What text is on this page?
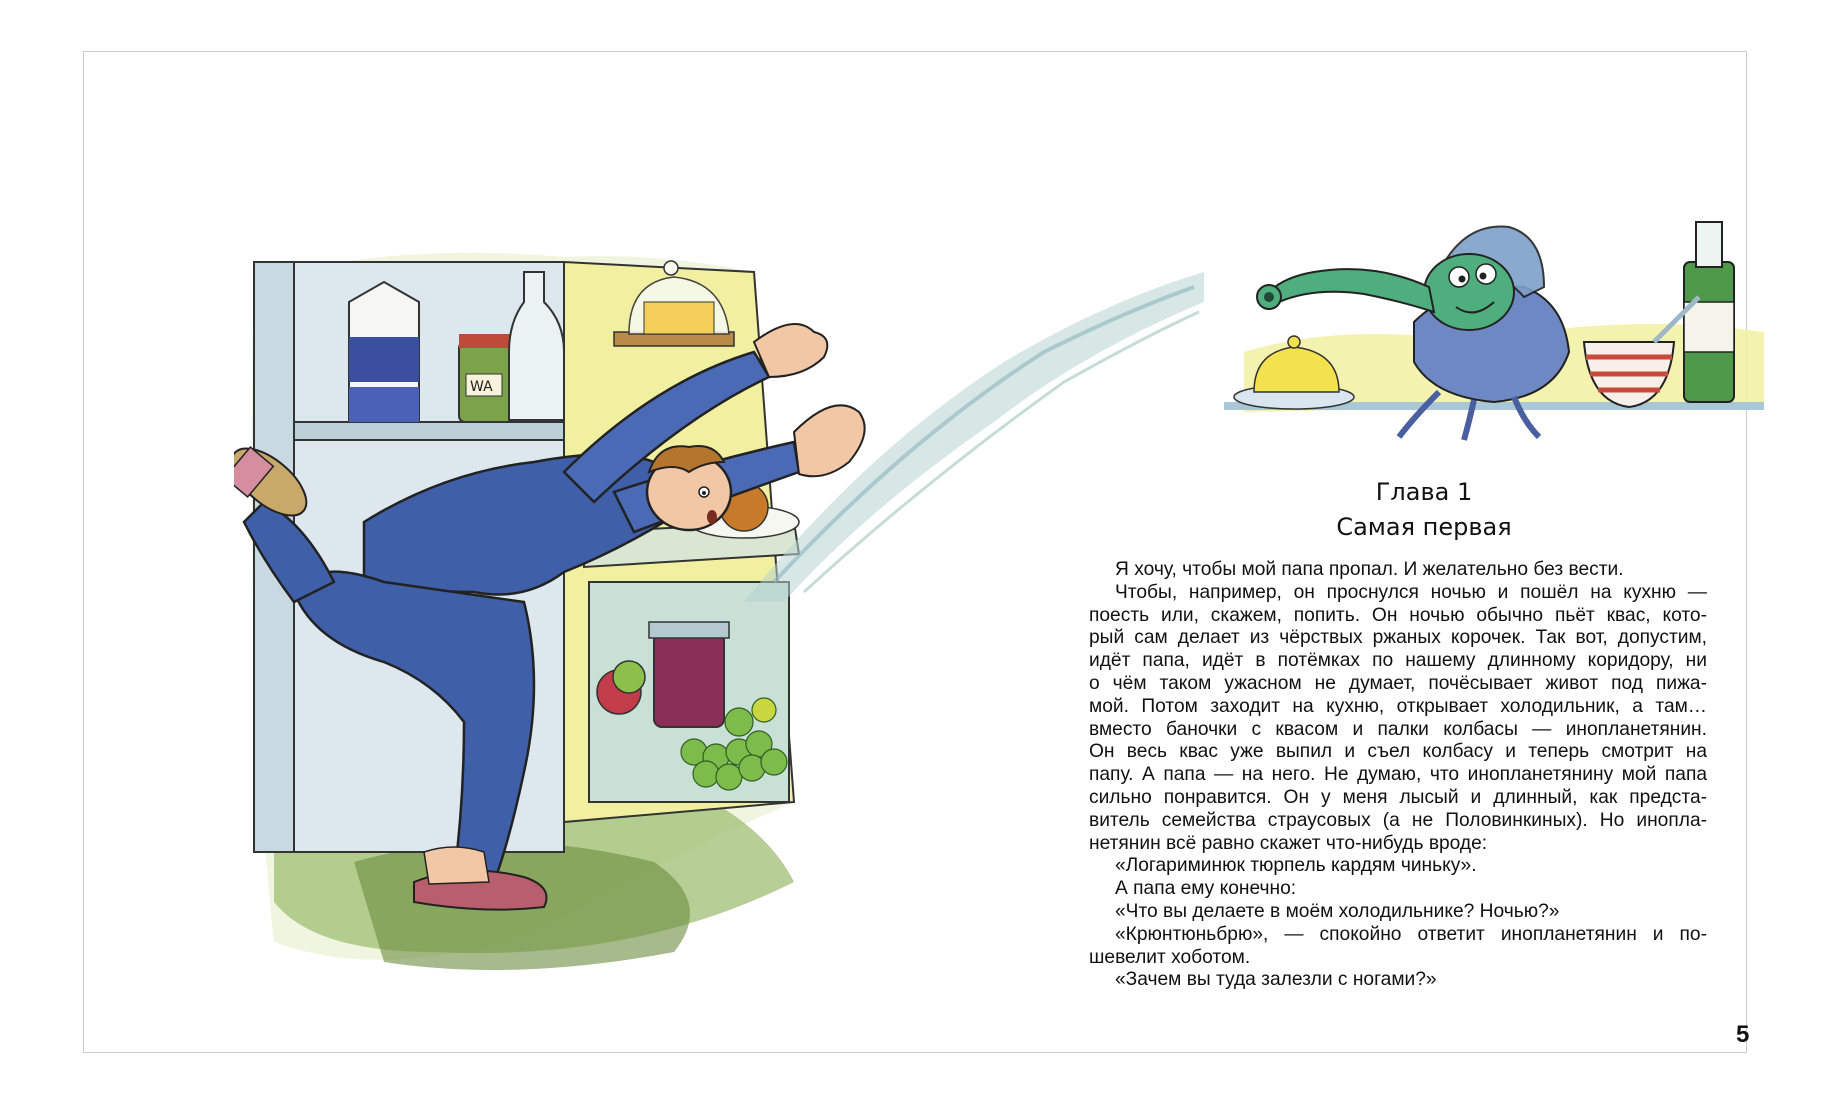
WA
Глава 1
Самая первая
Я хочу, чтобы мой папа пропал. И желательно без вести.
Чтобы, например, он проснулся ночью и пошёл на кухню —
поесть или, скажем, попить. Он ночью обычно пьёт квас, кото-
рый сам делает из чёрствых ржаных корочек. Так вот, допустим,
идёт папа, идёт в потёмках по нашему длинному коридору, ни
о чём таком ужасном не думает, почёсывает живот под пижа-
мой. Потом заходит на кухню, открывает холодильник, а там…
вместо баночки с квасом и палки колбасы — инопланетянин.
Он весь квас уже выпил и съел колбасу и теперь смотрит на
папу. А папа — на него. Не думаю, что инопланетянину мой папа
сильно понравится. Он у меня лысый и длинный, как предста-
витель семейства страусовых (а не Половинкиных). Но инопла-
нетянин всё равно скажет что-нибудь вроде:
«Логариминюк тюрпель кардям чиньку».
А папа ему конечно:
«Что вы делаете в моём холодильнике? Ночью?»
«Крюнтюньбрю», — спокойно ответит инопланетянин и по-
шевелит хоботом.
«Зачем вы туда залезли с ногами?»
5
